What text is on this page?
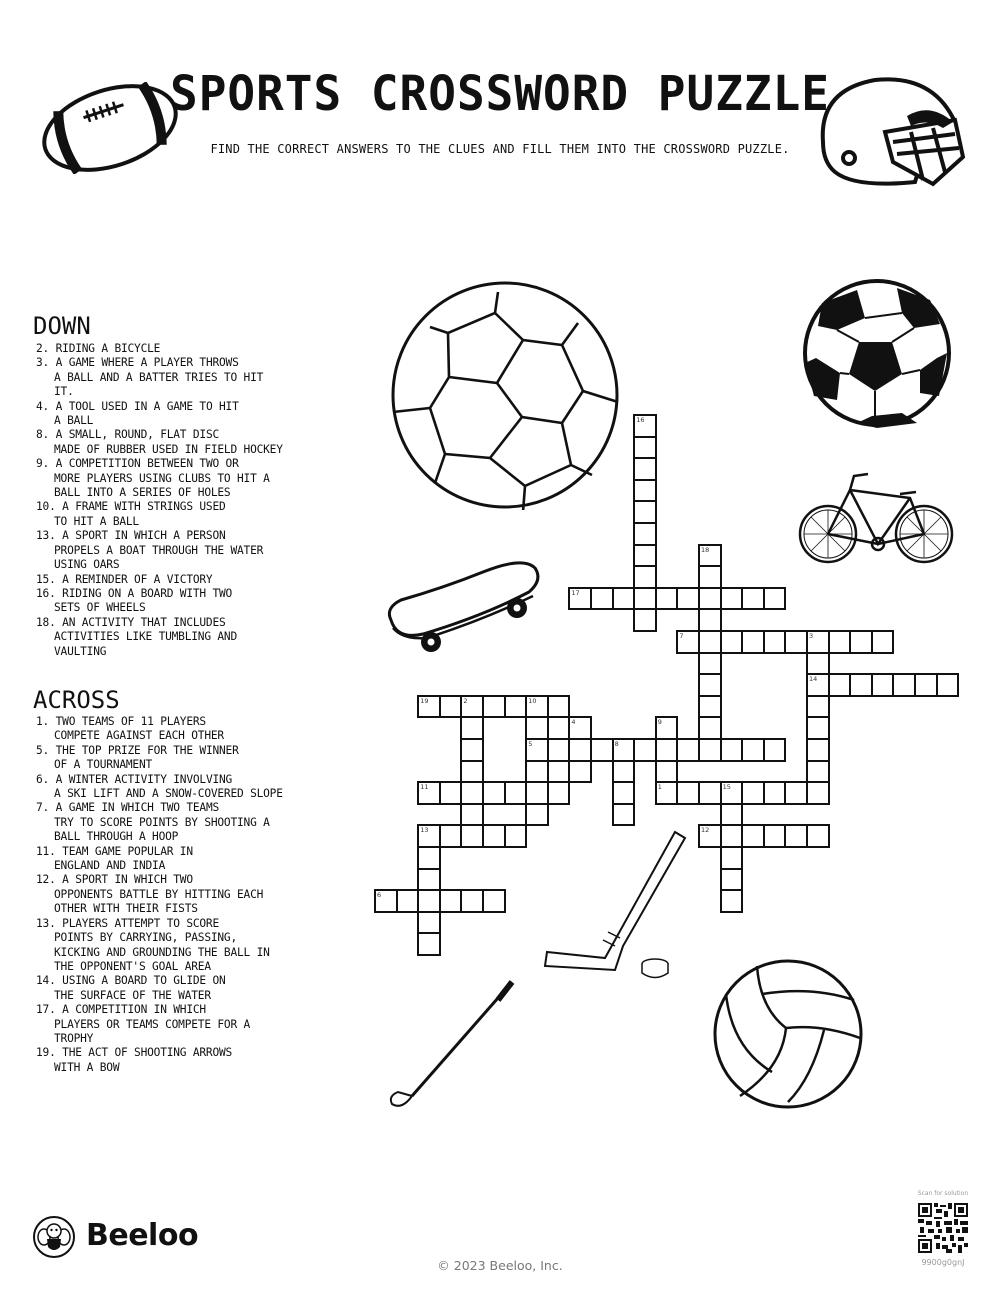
SPORTS CROSSWORD PUZZLE
FIND THE CORRECT ANSWERS TO THE CLUES AND FILL THEM INTO THE CROSSWORD PUZZLE.
DOWN
2. RIDING A BICYCLE
3. A GAME WHERE A PLAYER THROWS
A BALL AND A BATTER TRIES TO HIT IT.
4. A TOOL USED IN A GAME TO HIT
A BALL
8. A SMALL, ROUND, FLAT DISC
MADE OF RUBBER USED IN FIELD HOCKEY
9. A COMPETITION BETWEEN TWO OR
MORE PLAYERS USING CLUBS TO HIT A BALL INTO A SERIES OF HOLES
10. A FRAME WITH STRINGS USED
TO HIT A BALL
13. A SPORT IN WHICH A PERSON
PROPELS A BOAT THROUGH THE WATER USING OARS
15. A REMINDER OF A VICTORY
16. RIDING ON A BOARD WITH TWO
SETS OF WHEELS
18. AN ACTIVITY THAT INCLUDES
ACTIVITIES LIKE TUMBLING AND VAULTING
ACROSS
1. TWO TEAMS OF 11 PLAYERS
COMPETE AGAINST EACH OTHER
5. THE TOP PRIZE FOR THE WINNER
OF A TOURNAMENT
6. A WINTER ACTIVITY INVOLVING
A SKI LIFT AND A SNOW-COVERED SLOPE
7. A GAME IN WHICH TWO TEAMS
TRY TO SCORE POINTS BY SHOOTING A BALL THROUGH A HOOP
11. TEAM GAME POPULAR IN
ENGLAND AND INDIA
12. A SPORT IN WHICH TWO
OPPONENTS BATTLE BY HITTING EACH OTHER WITH THEIR FISTS
13. PLAYERS ATTEMPT TO SCORE
POINTS BY CARRYING, PASSING, KICKING AND GROUNDING THE BALL IN THE OPPONENT'S GOAL AREA
14. USING A BOARD TO GLIDE ON
THE SURFACE OF THE WATER
17. A COMPETITION IN WHICH
PLAYERS OR TEAMS COMPETE FOR A TROPHY
19. THE ACT OF SHOOTING ARROWS
WITH A BOW
16
18
17
7	3
14
19	2	10
5
4	9
1
8
11	15
13	12
6
Beeloo
© 2023 Beeloo, Inc.
Scan for solution
9900g0gnJ
